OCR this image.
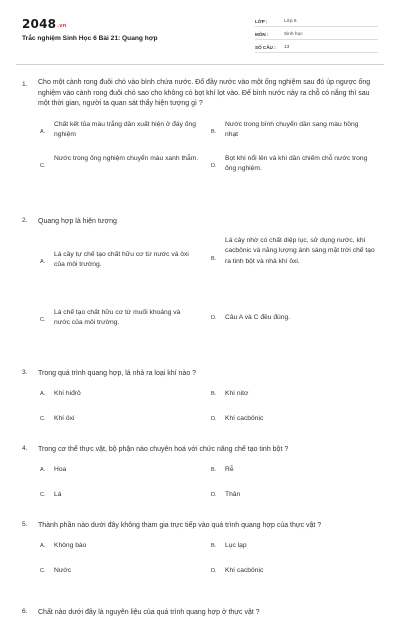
$2048^{.vn}$
Trắc nghiệm Sinh Học 6 Bài 21: Quang hợp
LỚP :	Lớp 6
MÔN :	Sinh học
SỐ CÂU : 13
1. Cho một cành rong đuôi chó vào bình chứa nước. Đổ đầy nước vào một ống nghiệm sau đó úp ngược ống nghiệm vào cành rong đuôi chó sao cho không có bọt khí lọt vào. Để bình nước này ra chỗ có nắng thì sau một thời gian, người ta quan sát thấy hiện tượng gì ?
A.
Chất kết tủa màu trắng dần xuất hiện ở đáy ống nghiệm	B.
Nước trong bình chuyển dần sang màu hồng nhạt
C.
Nước trong ống nghiệm chuyển màu xanh thẫm.
D.
Bọt khí nổi lên và khí dần chiếm chỗ nước trong ống nghiệm.
2. Quang hợp là hiện tượng
A.
Lá cây tự chế tạo chất hữu cơ từ nước và ôxi của môi trường.
B.
Lá cây nhờ có chất diệp lục, sử dụng nước, khí cacbônic và năng lượng ánh sáng mặt trời chế tạo ra tinh bột và nhả khí ôxi.
C.
Lá chế tạo chất hữu cơ từ muối khoáng và nước của môi trường.
D. Câu A và C đều đúng.
3. Trong quá trình quang hợp, lá nhả ra loại khí nào ?
A. Khí hiđrô	B. Khí nitơ
C. Khí ôxi	D. Khí cacbônic
4. Trong cơ thể thực vật, bộ phận nào chuyên hoá với chức năng chế tạo tinh bột ?
A. Hoa	B. Rễ
C. Lá	D. Thân
5. Thành phần nào dưới đây không tham gia trực tiếp vào quá trình quang hợp của thực vật ?
A. Không bào	B. Lục lạp
C. Nước	D. Khí cacbônic
6. Chất nào dưới đây là nguyên liệu của quá trình quang hợp ở thực vật ?
